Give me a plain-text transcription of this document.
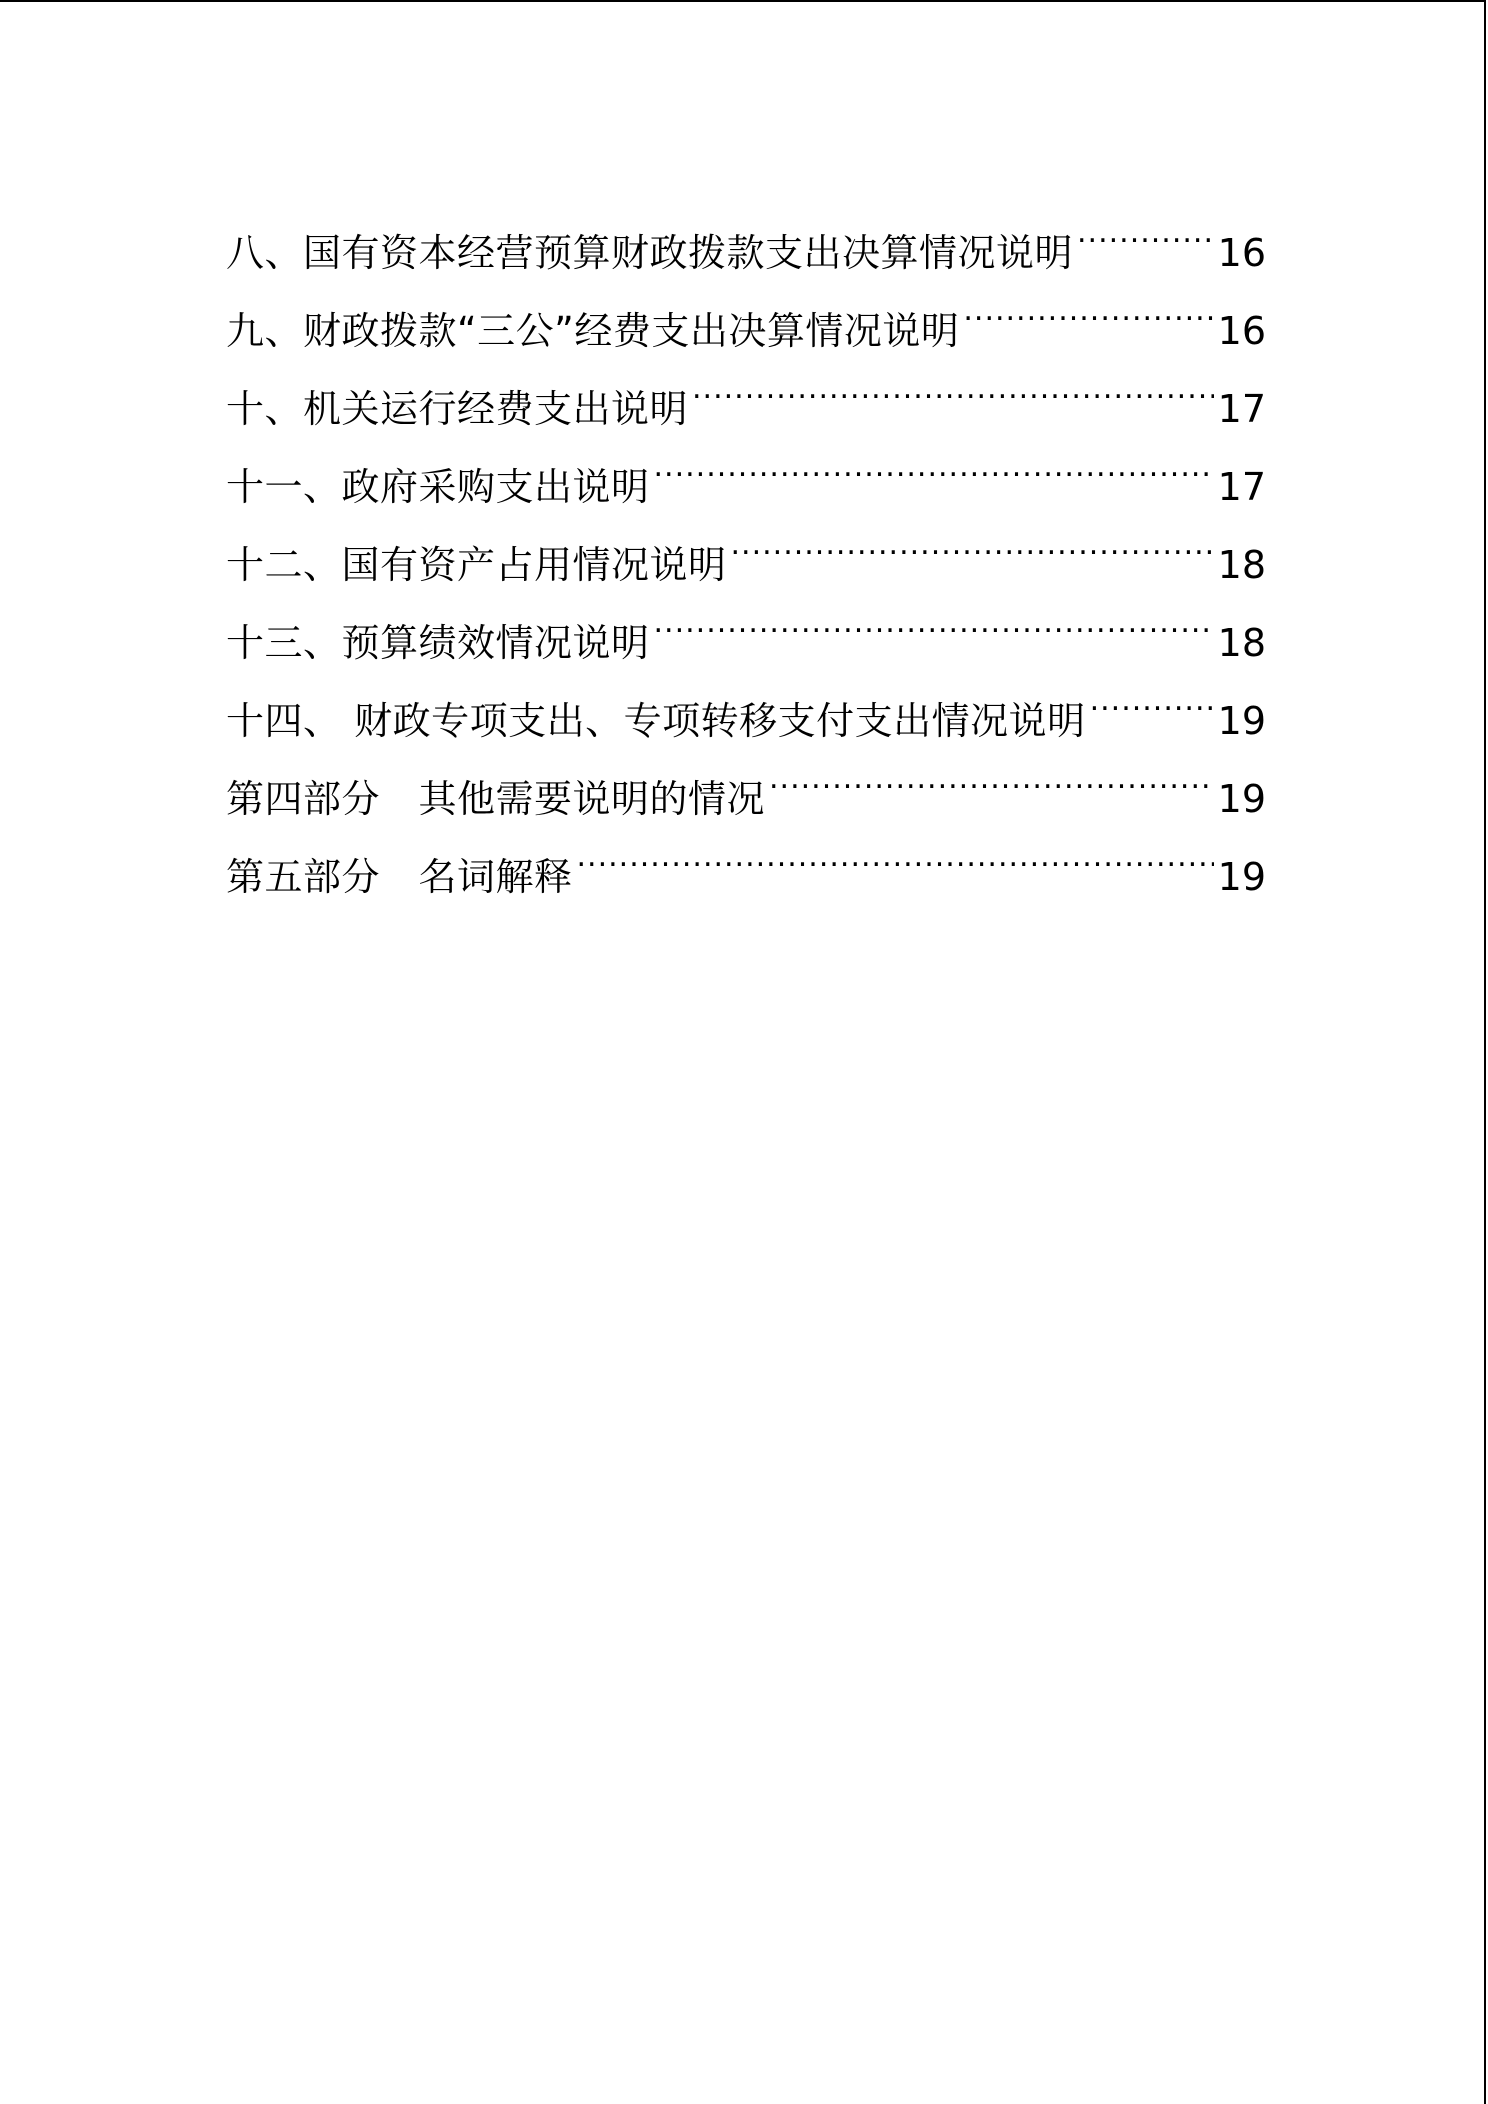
八、国有资本经营预算财政拨款支出决算情况说明 .....	16
九、财政拨款“三公”经费支出决算情况说明 .....	16
十、机关运行经费支出说明 .....	17
十一、政府采购支出说明 .....	17
十二、国有资产占用情况说明 .....	18
十三、预算绩效情况说明 .....	18
十四、 财政专项支出、专项转移支付支出情况说明 .....	19
第四部分　其他需要说明的情况 .....	19
第五部分　名词解释 .....	19
